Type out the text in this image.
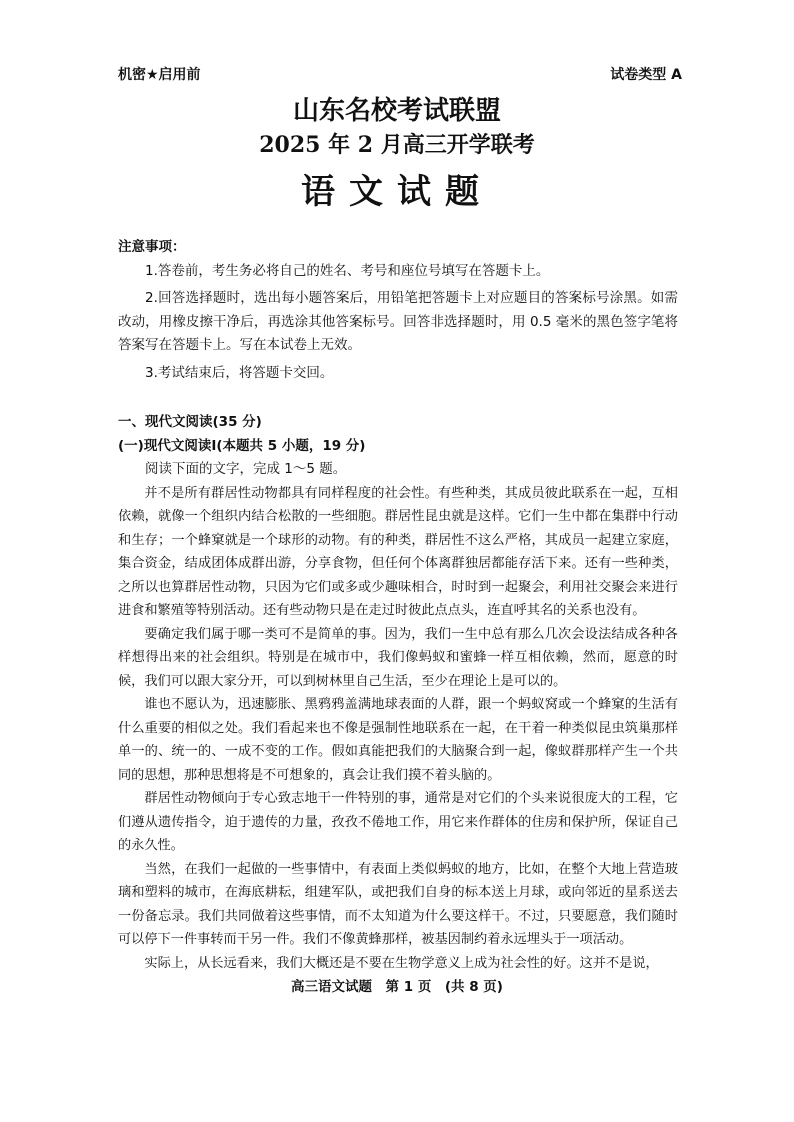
机密★启用前	试卷类型 A
山东名校考试联盟
2025 年 2 月高三开学联考
语文试题
注意事项：

1.答卷前，考生务必将自己的姓名、考号和座位号填写在答题卡上。

2.回答选择题时，选出每小题答案后，用铅笔把答题卡上对应题目的答案标号涂黑。如需改动，用橡皮擦干净后，再选涂其他答案标号。回答非选择题时，用 0.5 毫米的黑色签字笔将答案写在答题卡上。写在本试卷上无效。

3.考试结束后，将答题卡交回。

一、现代文阅读(35 分)

(一)现代文阅读Ⅰ(本题共 5 小题，19 分)

阅读下面的文字，完成 1～5 题。

并不是所有群居性动物都具有同样程度的社会性。有些种类，其成员彼此联系在一起，互相依赖，就像一个组织内结合松散的一些细胞。群居性昆虫就是这样。它们一生中都在集群中行动和生存；一个蜂窠就是一个球形的动物。有的种类，群居性不这么严格，其成员一起建立家庭，集合资金，结成团体成群出游，分享食物，但任何个体离群独居都能存活下来。还有一些种类，之所以也算群居性动物，只因为它们或多或少趣味相合，时时到一起聚会，利用社交聚会来进行进食和繁殖等特别活动。还有些动物只是在走过时彼此点点头，连直呼其名的关系也没有。

要确定我们属于哪一类可不是简单的事。因为，我们一生中总有那么几次会设法结成各种各样想得出来的社会组织。特别是在城市中，我们像蚂蚁和蜜蜂一样互相依赖，然而，愿意的时候，我们可以跟大家分开，可以到树林里自己生活，至少在理论上是可以的。

谁也不愿认为，迅速膨胀、黑鸦鸦盖满地球表面的人群，跟一个蚂蚁窝或一个蜂窠的生活有什么重要的相似之处。我们看起来也不像是强制性地联系在一起，在干着一种类似昆虫筑巢那样单一的、统一的、一成不变的工作。假如真能把我们的大脑聚合到一起，像蚁群那样产生一个共同的思想，那种思想将是不可想象的，真会让我们摸不着头脑的。

群居性动物倾向于专心致志地干一件特别的事，通常是对它们的个头来说很庞大的工程，它们遵从遗传指令，迫于遗传的力量，孜孜不倦地工作，用它来作群体的住房和保护所，保证自己的永久性。

当然，在我们一起做的一些事情中，有表面上类似蚂蚁的地方，比如，在整个大地上营造玻璃和塑料的城市，在海底耕耘，组建军队，或把我们自身的标本送上月球，或向邻近的星系送去一份备忘录。我们共同做着这些事情，而不太知道为什么要这样干。不过，只要愿意，我们随时可以停下一件事转而干另一件。我们不像黄蜂那样，被基因制约着永远埋头于一项活动。

实际上，从长远看来，我们大概还是不要在生物学意义上成为社会性的好。这并不是说，

高三语文试题　第 1 页　(共 8 页)
